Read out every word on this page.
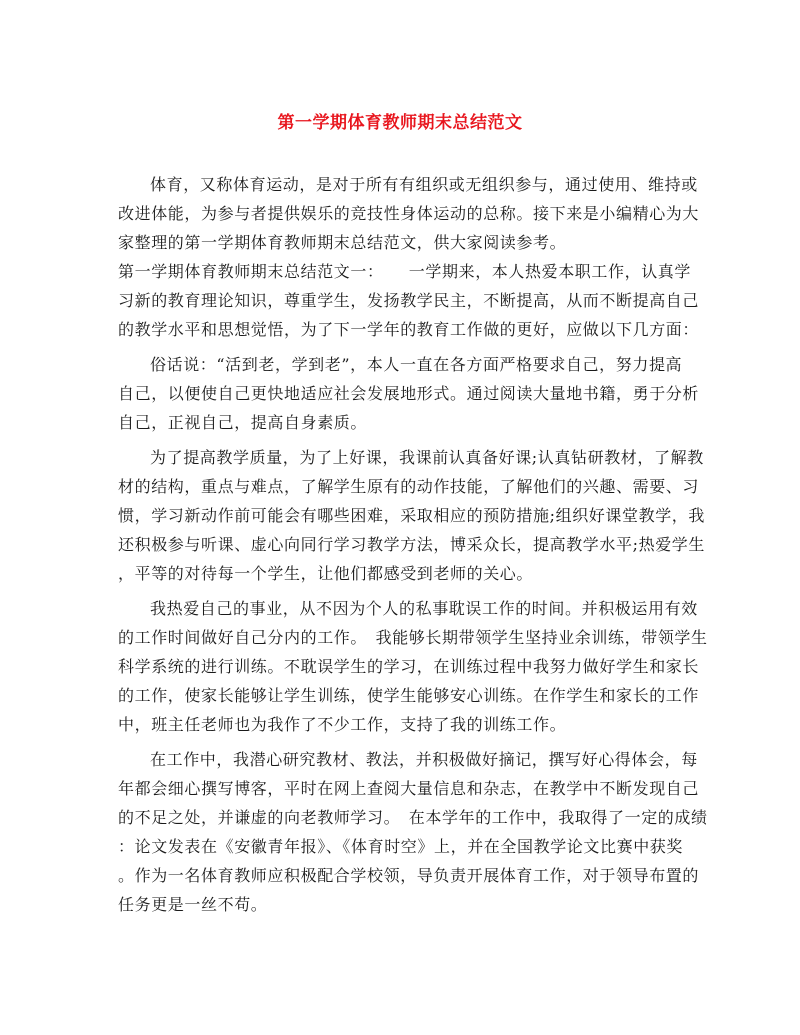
第一学期体育教师期末总结范文
体育，又称体育运动，是对于所有有组织或无组织参与，通过使用、维持或
改进体能，为参与者提供娱乐的竞技性身体运动的总称。接下来是小编精心为大
家整理的第一学期体育教师期末总结范文，供大家阅读参考。
第一学期体育教师期末总结范文一：　　一学期来，本人热爱本职工作，认真学
习新的教育理论知识，尊重学生，发扬教学民主，不断提高，从而不断提高自己
的教学水平和思想觉悟，为了下一学年的教育工作做的更好，应做以下几方面：
俗话说：“活到老，学到老”，本人一直在各方面严格要求自己，努力提高
自己，以便使自己更快地适应社会发展地形式。通过阅读大量地书籍，勇于分析
自己，正视自己，提高自身素质。
为了提高教学质量，为了上好课，我课前认真备好课;认真钻研教材，了解教
材的结构，重点与难点，了解学生原有的动作技能，了解他们的兴趣、需要、习
惯，学习新动作前可能会有哪些困难，采取相应的预防措施;组织好课堂教学，我
还积极参与听课、虚心向同行学习教学方法，博采众长，提高教学水平;热爱学生
，平等的对待每一个学生，让他们都感受到老师的关心。
我热爱自己的事业，从不因为个人的私事耽误工作的时间。并积极运用有效
的工作时间做好自己分内的工作。　我能够长期带领学生坚持业余训练，带领学生
科学系统的进行训练。不耽误学生的学习，在训练过程中我努力做好学生和家长
的工作，使家长能够让学生训练，使学生能够安心训练。在作学生和家长的工作
中，班主任老师也为我作了不少工作，支持了我的训练工作。
在工作中，我潜心研究教材、教法，并积极做好摘记，撰写好心得体会，每
年都会细心撰写博客，平时在网上查阅大量信息和杂志，在教学中不断发现自己
的不足之处，并谦虚的向老教师学习。　在本学年的工作中，我取得了一定的成绩
：论文发表在《安徽青年报》、《体育时空》上，并在全国教学论文比赛中获奖
。作为一名体育教师应积极配合学校领，导负责开展体育工作，对于领导布置的
任务更是一丝不苟。
